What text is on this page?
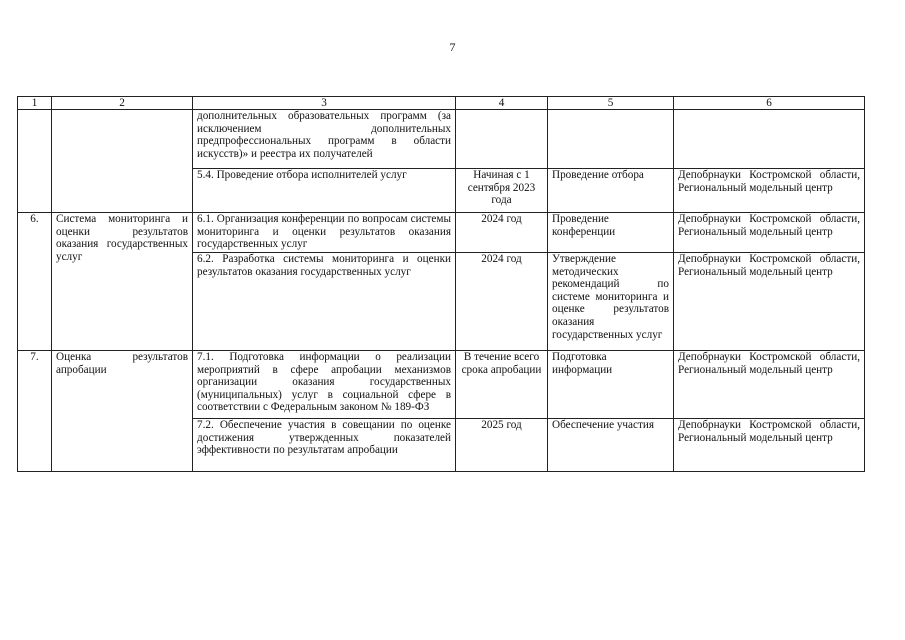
7
1	2	3	4	5	6
		дополнительных образовательных программ (за исключением дополнительных предпрофессиональных программ в области искусств)» и реестра их получателей			
		5.4. Проведение отбора исполнителей услуг	Начиная с 1 сентября 2023 года	Проведение отбора	Депобрнауки Костромской области, Региональный модельный центр
6.	Система мониторинга и оценки результатов оказания государственных услуг	6.1. Организация конференции по вопросам системы мониторинга и оценки результатов оказания государственных услуг	2024 год	Проведение конференции	Депобрнауки Костромской области, Региональный модельный центр
		6.2. Разработка системы мониторинга и оценки результатов оказания государственных услуг	2024 год	Утверждение методических рекомендаций по системе мониторинга и оценке результатов оказания государственных услуг	Депобрнауки Костромской области, Региональный модельный центр
7.	Оценка результатов апробации	7.1. Подготовка информации о реализации мероприятий в сфере апробации механизмов организации оказания государственных (муниципальных) услуг в социальной сфере в соответствии с Федеральным законом № 189-ФЗ	В течение всего срока апробации	Подготовка информации	Депобрнауки Костромской области, Региональный модельный центр
		7.2. Обеспечение участия в совещании по оценке достижения утвержденных показателей эффективности по результатам апробации	2025 год	Обеспечение участия	Депобрнауки Костромской области, Региональный модельный центр
